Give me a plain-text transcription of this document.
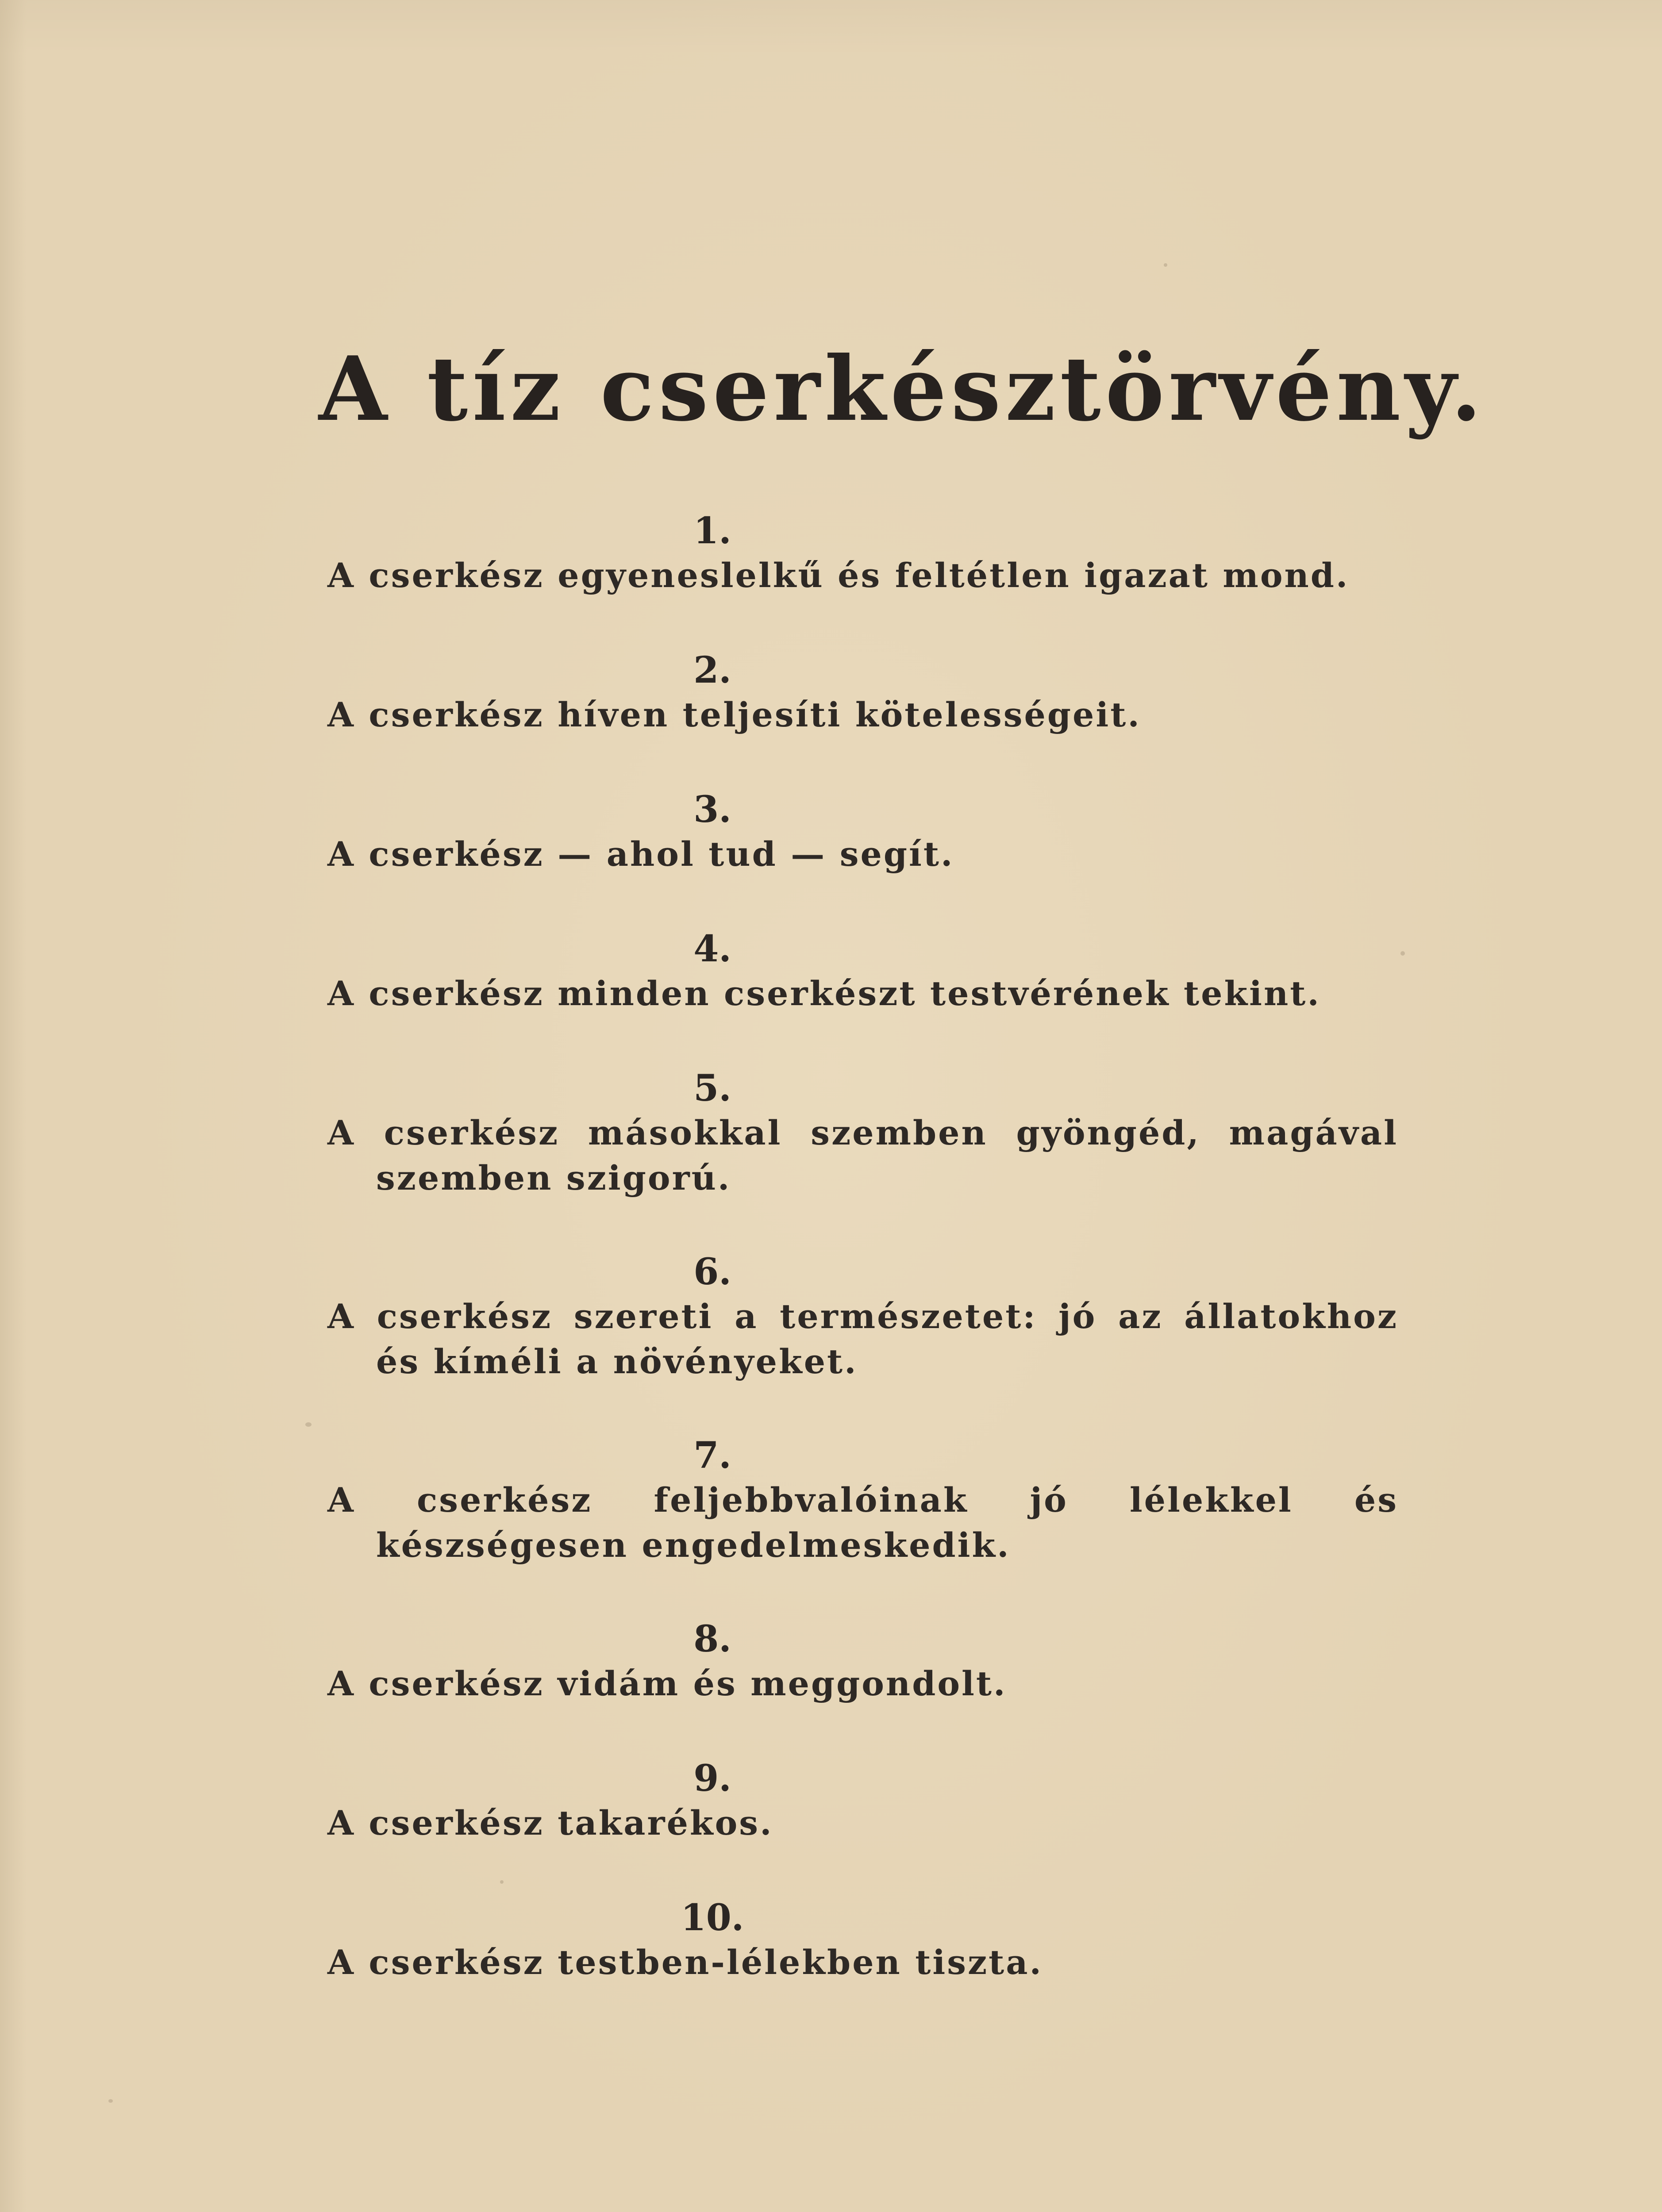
A tíz cserkésztörvény.
1.
A cserkész egyeneslelkű és feltétlen igazat mond.
2.
A cserkész híven teljesíti kötelességeit.
3.
A cserkész — ahol tud — segít.
4.
A cserkész minden cserkészt testvérének tekint.
5.
A cserkész másokkal szemben gyöngéd, magával szemben szigorú.
6.
A cserkész szereti a természetet: jó az állatokhoz és kíméli a növényeket.
7.
A cserkész feljebbvalóinak jó lélekkel és készségesen engedelmeskedik.
8.
A cserkész vidám és meggondolt.
9.
A cserkész takarékos.
10.
A cserkész testben-lélekben tiszta.
